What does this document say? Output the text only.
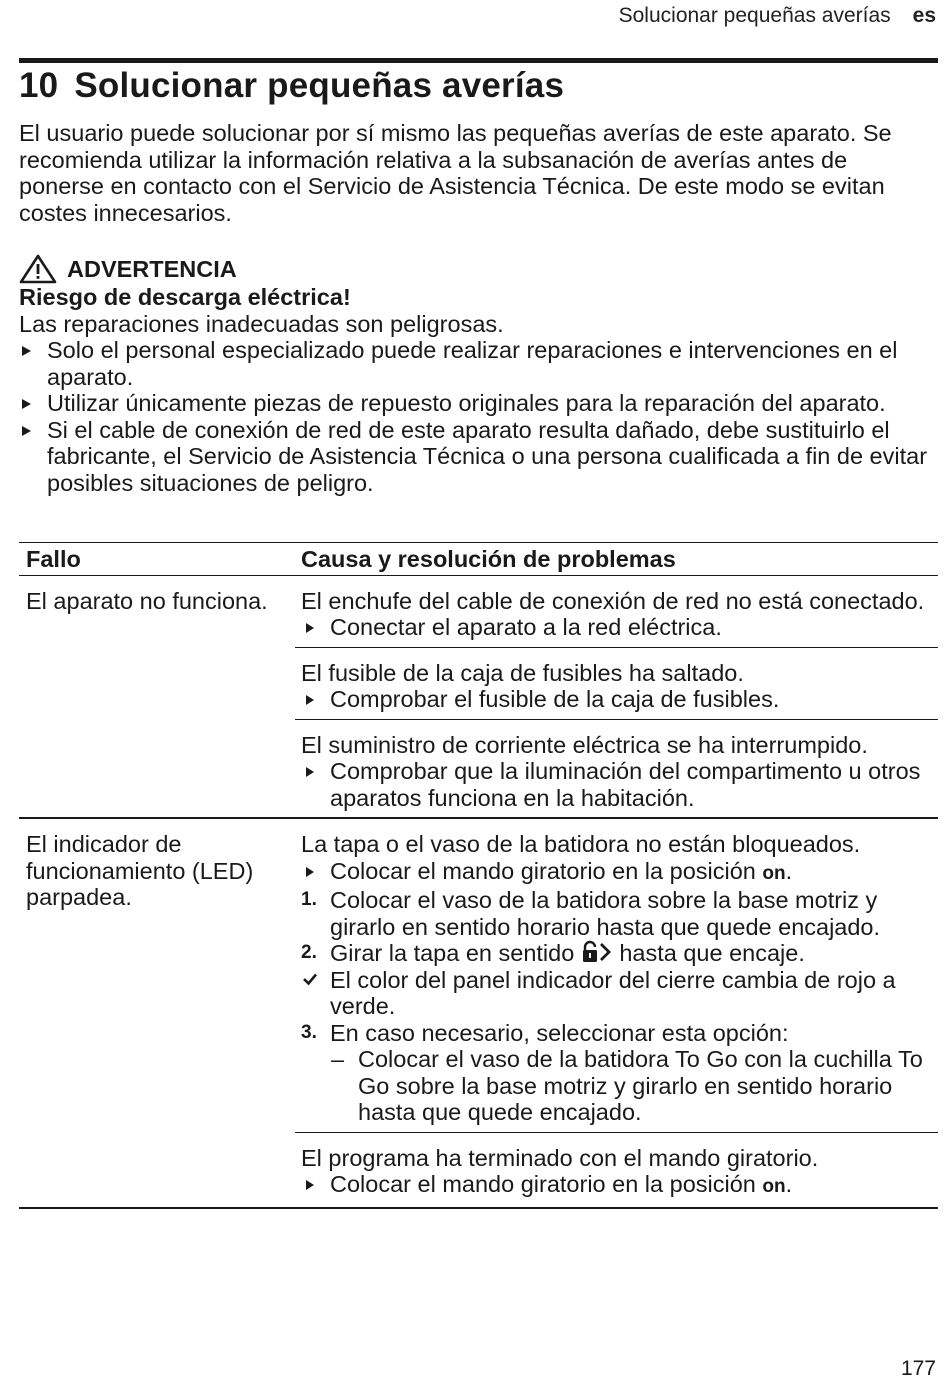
Solucionar pequeñas averías es
10 Solucionar pequeñas averías

El usuario puede solucionar por sí mismo las pequeñas averías de este aparato. Se recomienda utilizar la información relativa a la subsanación de averías antes de ponerse en contacto con el Servicio de Asistencia Técnica. De este modo se evitan costes innecesarios.

ADVERTENCIA
Riesgo de descarga eléctrica!
Las reparaciones inadecuadas son peligrosas.
Solo el personal especializado puede realizar reparaciones e intervenciones en el aparato.
Utilizar únicamente piezas de repuesto originales para la reparación del aparato.
Si el cable de conexión de red de este aparato resulta dañado, debe sustituirlo el fabricante, el Servicio de Asistencia Técnica o una persona cualificada a fin de evitar posibles situaciones de peligro.
Fallo	Causa y resolución de problemas
El aparato no funciona.	El enchufe del cable de conexión de red no está conectado.
Conectar el aparato a la red eléctrica.
El fusible de la caja de fusibles ha saltado.
Comprobar el fusible de la caja de fusibles.
El suministro de corriente eléctrica se ha interrumpido.
Comprobar que la iluminación del compartimento u otros aparatos funciona en la habitación.
El indicador de funcionamiento (LED) parpadea.
La tapa o el vaso de la batidora no están bloqueados.
Colocar el mando giratorio en la posición on.
1. Colocar el vaso de la batidora sobre la base motriz y girarlo en sentido horario hasta que quede encajado.
2. Girar la tapa en sentido  hasta que encaje.
El color del panel indicador del cierre cambia de rojo a verde.
3. En caso necesario, seleccionar esta opción:
– Colocar el vaso de la batidora To Go con la cuchilla To Go sobre la base motriz y girarlo en sentido horario hasta que quede encajado.
El programa ha terminado con el mando giratorio.
Colocar el mando giratorio en la posición on.
177
